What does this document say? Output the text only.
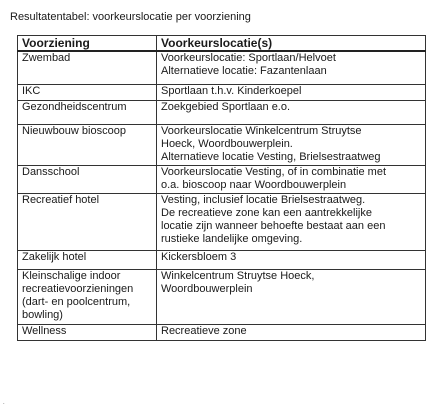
Resultatentabel: voorkeurslocatie per voorziening
Voorziening	Voorkeurslocatie(s)

Zwembad	Voorkeurslocatie: Sportlaan/Helvoet
Alternatieve locatie: Fazantenlaan

IKC	Sportlaan t.h.v. Kinderkoepel

Gezondheidscentrum	Zoekgebied Sportlaan e.o.

Nieuwbouw bioscoop	Voorkeurslocatie Winkelcentrum Struytse
Hoeck, Woordbouwerplein.
Alternatieve locatie Vesting, Brielsestraatweg

Dansschool	Voorkeurslocatie Vesting, of in combinatie met
o.a. bioscoop naar Woordbouwerplein

Recreatief hotel	Vesting, inclusief locatie Brielsestraatweg.
De recreatieve zone kan een aantrekkelijke
locatie zijn wanneer behoefte bestaat aan een
rustieke landelijke omgeving.

Zakelijk hotel	Kickersbloem 3

Kleinschalige indoor
recreatievoorzieningen
(dart- en poolcentrum,
bowling)	Winkelcentrum Struytse Hoeck,
Woordbouwerplein

Wellness	Recreatieve zone
.
